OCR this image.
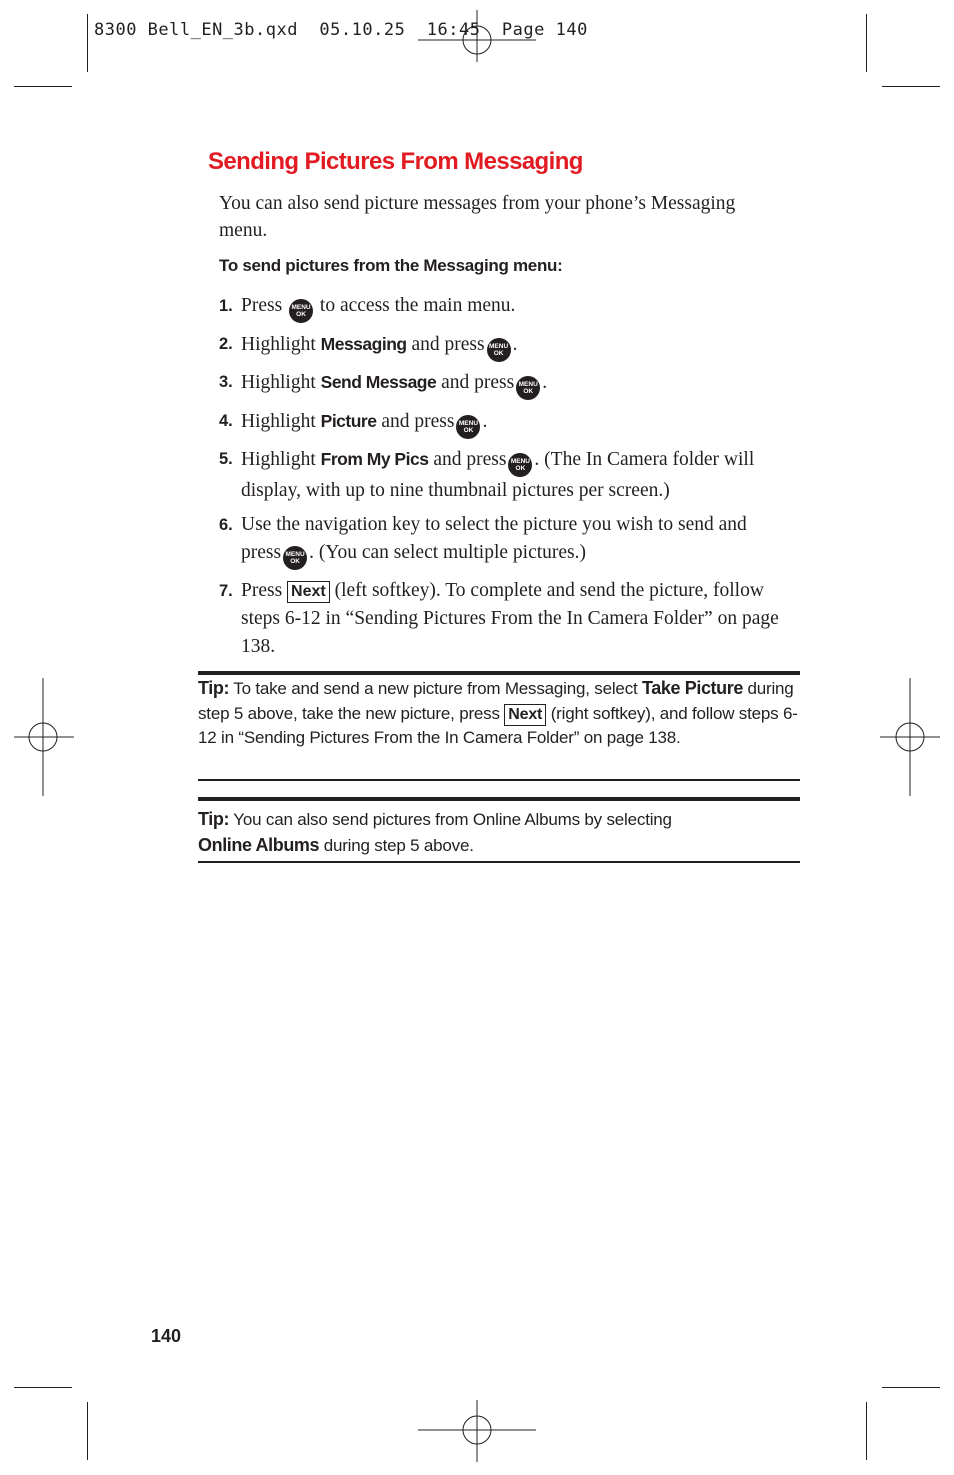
8300 Bell_EN_3b.qxd  05.10.25  16:45  Page 140
Sending Pictures From Messaging

You can also send picture messages from your phone’s Messaging menu.

To send pictures from the Messaging menu:

1. Press MENU
OK to access the main menu.
2. Highlight Messaging and press MENU
OK .
3. Highlight Send Message and press MENU
OK .
4. Highlight Picture and press MENU
OK .
5. Highlight From My Pics and press MENU
OK . (The In Camera folder will display, with up to nine thumbnail pictures per screen.)
6. Use the navigation key to select the picture you wish to send and press MENU
OK . (You can select multiple pictures.)
7. Press Next (left softkey). To complete and send the picture, follow steps 6-12 in “Sending Pictures From the In Camera Folder” on page 138.
Tip: To take and send a new picture from Messaging, select Take Picture during step 5 above, take the new picture, press Next (right softkey), and follow steps 6-12 in “Sending Pictures From the In Camera Folder” on page 138.
Tip: You can also send pictures from Online Albums by selecting
Online Albums during step 5 above.
140
